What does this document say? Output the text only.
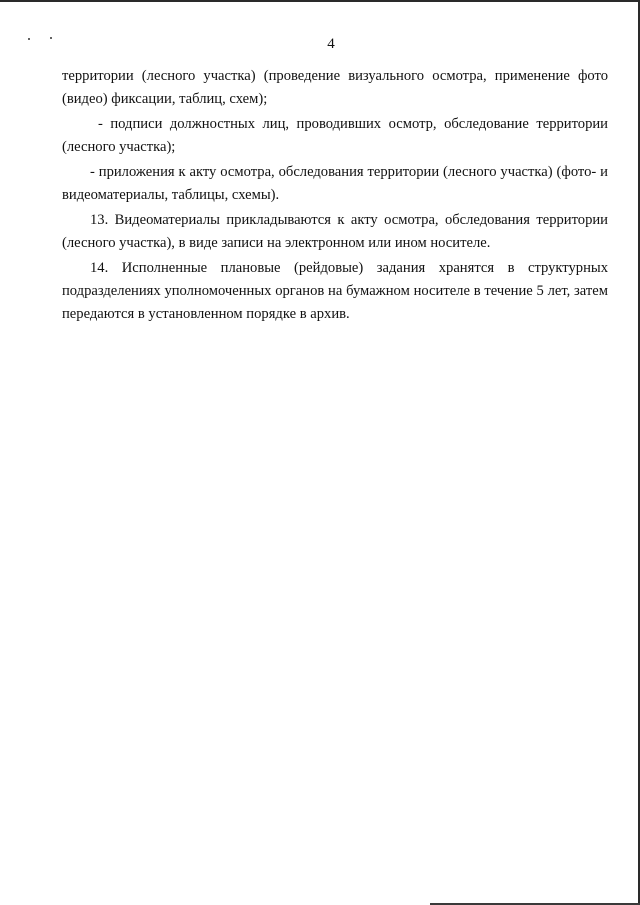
4

территории (лесного участка) (проведение визуального осмотра, применение фото (видео) фиксации, таблиц, схем);

- подписи должностных лиц, проводивших осмотр, обследование территории (лесного участка);

- приложения к акту осмотра, обследования территории (лесного участка) (фото- и видеоматериалы, таблицы, схемы).

13. Видеоматериалы прикладываются к акту осмотра, обследования территории (лесного участка), в виде записи на электронном или ином носителе.

14. Исполненные плановые (рейдовые) задания хранятся в структурных подразделениях уполномоченных органов на бумажном носителе в течение 5 лет, затем передаются в установленном порядке в архив.
